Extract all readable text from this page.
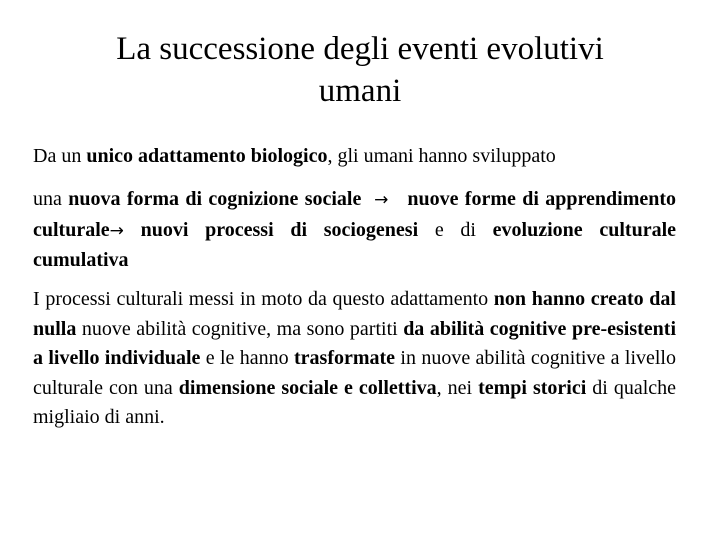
La successione degli eventi evolutivi
umani
Da un unico adattamento biologico, gli umani hanno sviluppato
una nuova forma di cognizione sociale → nuove forme di apprendimento culturale→ nuovi processi di sociogenesi e di evoluzione culturale cumulativa
I processi culturali messi in moto da questo adattamento non hanno creato dal nulla nuove abilità cognitive, ma sono partiti da abilità cognitive pre-esistenti a livello individuale e le hanno trasformate in nuove abilità cognitive a livello culturale con una dimensione sociale e collettiva, nei tempi storici di qualche migliaio di anni.
